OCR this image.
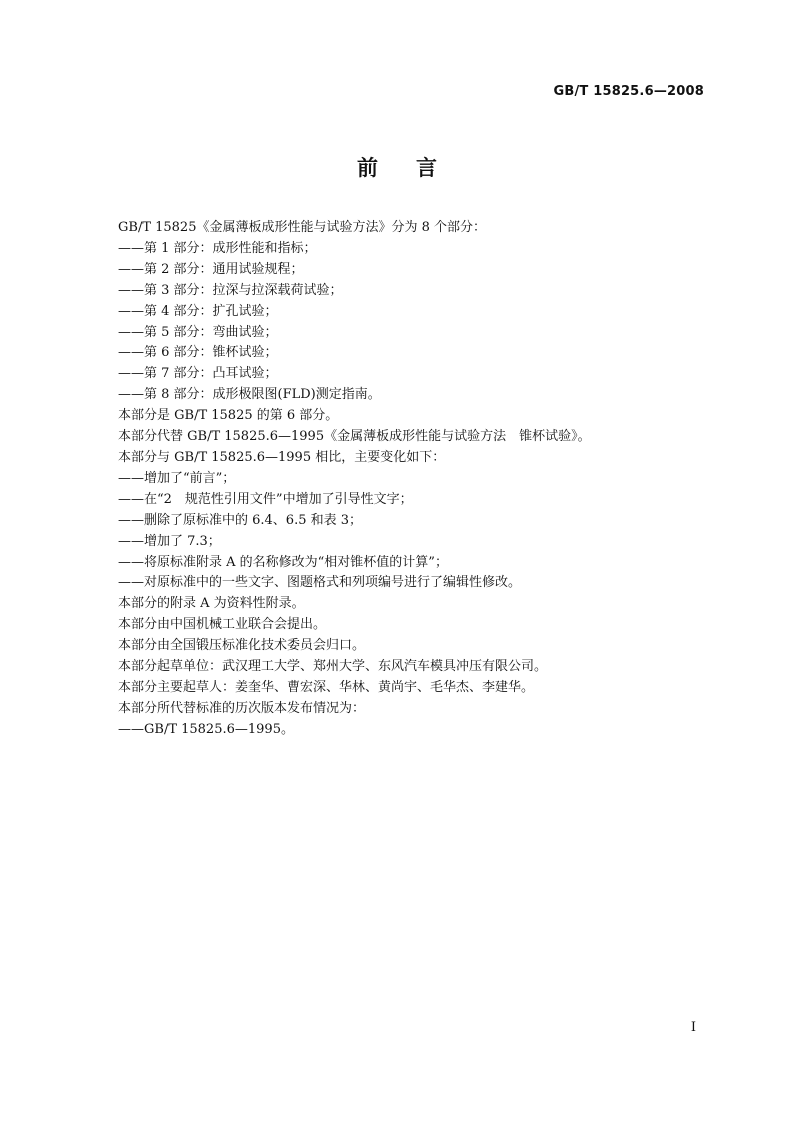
GB/T 15825.6—2008
前言
GB/T 15825《金属薄板成形性能与试验方法》分为 8 个部分：
——第 1 部分：成形性能和指标；
——第 2 部分：通用试验规程；
——第 3 部分：拉深与拉深载荷试验；
——第 4 部分：扩孔试验；
——第 5 部分：弯曲试验；
——第 6 部分：锥杯试验；
——第 7 部分：凸耳试验；
——第 8 部分：成形极限图(FLD)测定指南。
本部分是 GB/T 15825 的第 6 部分。
本部分代替 GB/T 15825.6—1995《金属薄板成形性能与试验方法　锥杯试验》。
本部分与 GB/T 15825.6—1995 相比，主要变化如下：
——增加了“前言”；
——在“2　规范性引用文件”中增加了引导性文字；
——删除了原标准中的 6.4、6.5 和表 3；
——增加了 7.3；
——将原标准附录 A 的名称修改为“相对锥杯值的计算”；
——对原标准中的一些文字、图题格式和列项编号进行了编辑性修改。
本部分的附录 A 为资料性附录。
本部分由中国机械工业联合会提出。
本部分由全国锻压标准化技术委员会归口。
本部分起草单位：武汉理工大学、郑州大学、东风汽车模具冲压有限公司。
本部分主要起草人：姜奎华、曹宏深、华林、黄尚宇、毛华杰、李建华。
本部分所代替标准的历次版本发布情况为：
——GB/T 15825.6—1995。
I
